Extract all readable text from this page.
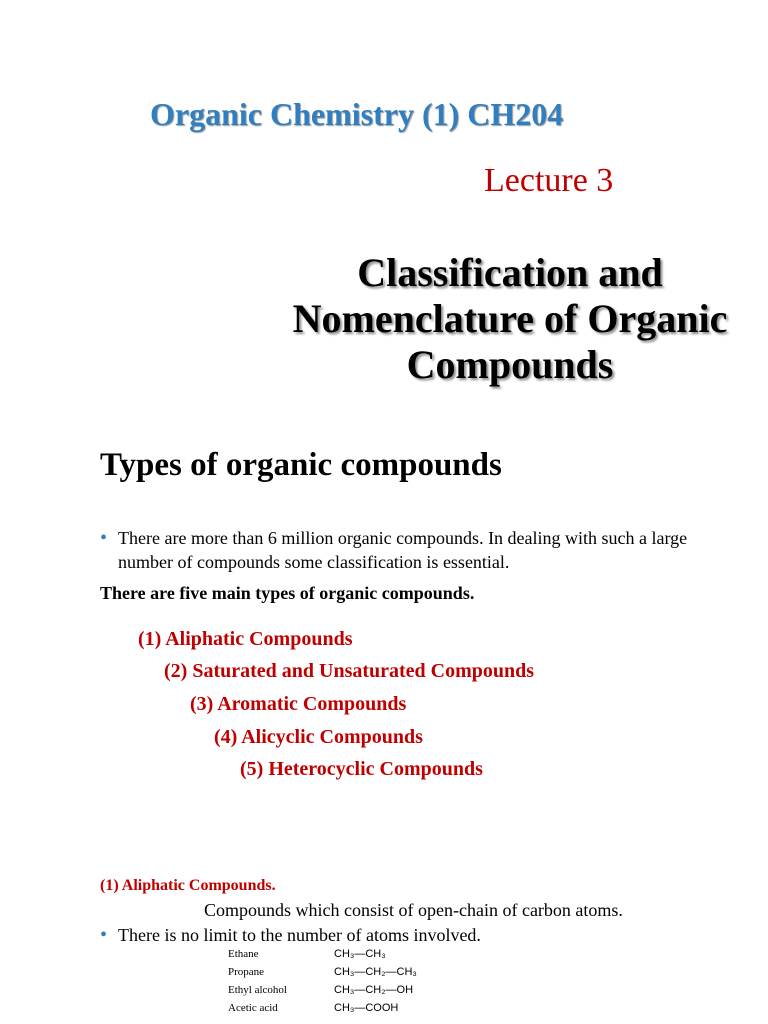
Organic Chemistry (1) CH204
Lecture 3
Classification and
Nomenclature of Organic
Compounds
Types of organic compounds
• There are more than 6 million organic compounds. In dealing with such a large number of compounds some classification is essential.
There are five main types of organic compounds.
(1) Aliphatic Compounds
(2) Saturated and Unsaturated Compounds
(3) Aromatic Compounds
(4) Alicyclic Compounds
(5) Heterocyclic Compounds
(1) Aliphatic Compounds.
Compounds which consist of open-chain of carbon atoms.
• There is no limit to the number of atoms involved.
Ethane	CH₃—CH₃
Propane	CH₃—CH₂—CH₃
Ethyl alcohol	CH₃—CH₂—OH
Acetic acid	CH₃—COOH
